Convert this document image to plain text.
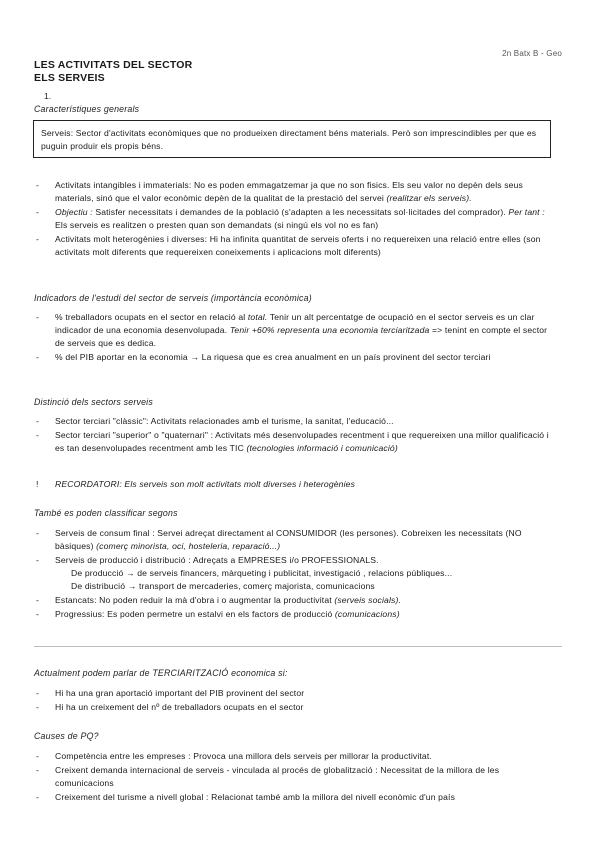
2n Batx B - Geo
LES ACTIVITATS DEL SECTOR
ELS SERVEIS
1.
Característiques generals
Serveis: Sector d'activitats econòmiques que no produeixen directament béns materials. Però son imprescindibles per que es puguin produir els propis béns.
- Activitats intangibles i immaterials: No es poden emmagatzemar ja que no son fisics. Els seu valor no depèn dels seus materials, sinó que el valor econòmic depèn de la qualitat de la prestació del servei (realitzar els serveis).
- Objectiu : Satisfer necessitats i demandes de la població (s'adapten a les necessitats sol·licitades del comprador). Per tant : Els serveis es realitzen o presten quan son demandats (si ningú els vol no es fan)
- Activitats molt heterogènies i diverses: Hi ha infinita quantitat de serveis oferts i no requereixen una relació entre elles (son activitats molt diferents que requereixen coneixements i aplicacions molt diferents)
Indicadors de l'estudi del sector de serveis (importància econòmica)
- % treballadors ocupats en el sector en relació al total. Tenir un alt percentatge de ocupació en el sector serveis es un clar indicador de una economia desenvolupada. Tenir +60% representa una economia terciaritzada => tenint en compte el sector de serveis que es dedica.
- % del PIB aportar en la economia → La riquesa que es crea anualment en un país provinent del sector terciari
Distinció dels sectors serveis
- Sector terciari "clàssic": Activitats relacionades amb el turisme, la sanitat, l'educació...
- Sector terciari "superior" o "quaternari" : Activitats més desenvolupades recentment i que requereixen una millor qualificació i es tan desenvolupades recentment amb les TIC (tecnologies informació i comunicació)
! RECORDATORI: Els serveis son molt activitats molt diverses i heterogènies
També es poden classificar segons
- Serveis de consum final : Servei adreçat directament al CONSUMIDOR (les persones). Cobreixen les necessitats (NO bàsiques) (comerç minorista, oci, hosteleria, reparació...)
- Serveis de producció i distribució : Adreçats a EMPRESES i/o PROFESSIONALS.
De producció → de serveis financers, màrqueting i publicitat, investigació , relacions públiques...
De distribució → transport de mercaderies, comerç majorista, comunicacions
- Estancats: No poden reduir la mà d'obra i o augmentar la productivitat (serveis socials).
- Progressius: Es poden permetre un estalvi en els factors de producció (comunicacions)
Actualment podem parlar de TERCIARITZACIÓ economica si:
- Hi ha una gran aportació important del PIB provinent del sector
- Hi ha un creixement del nº de treballadors ocupats en el sector
Causes de PQ?
- Competència entre les empreses : Provoca una millora dels serveis per millorar la productivitat.
- Creixent demanda internacional de serveis - vinculada al procés de globalització : Necessitat de la millora de les comunicacions
- Creixement del turisme a nivell global : Relacionat també amb la millora del nivell econòmic d'un país
